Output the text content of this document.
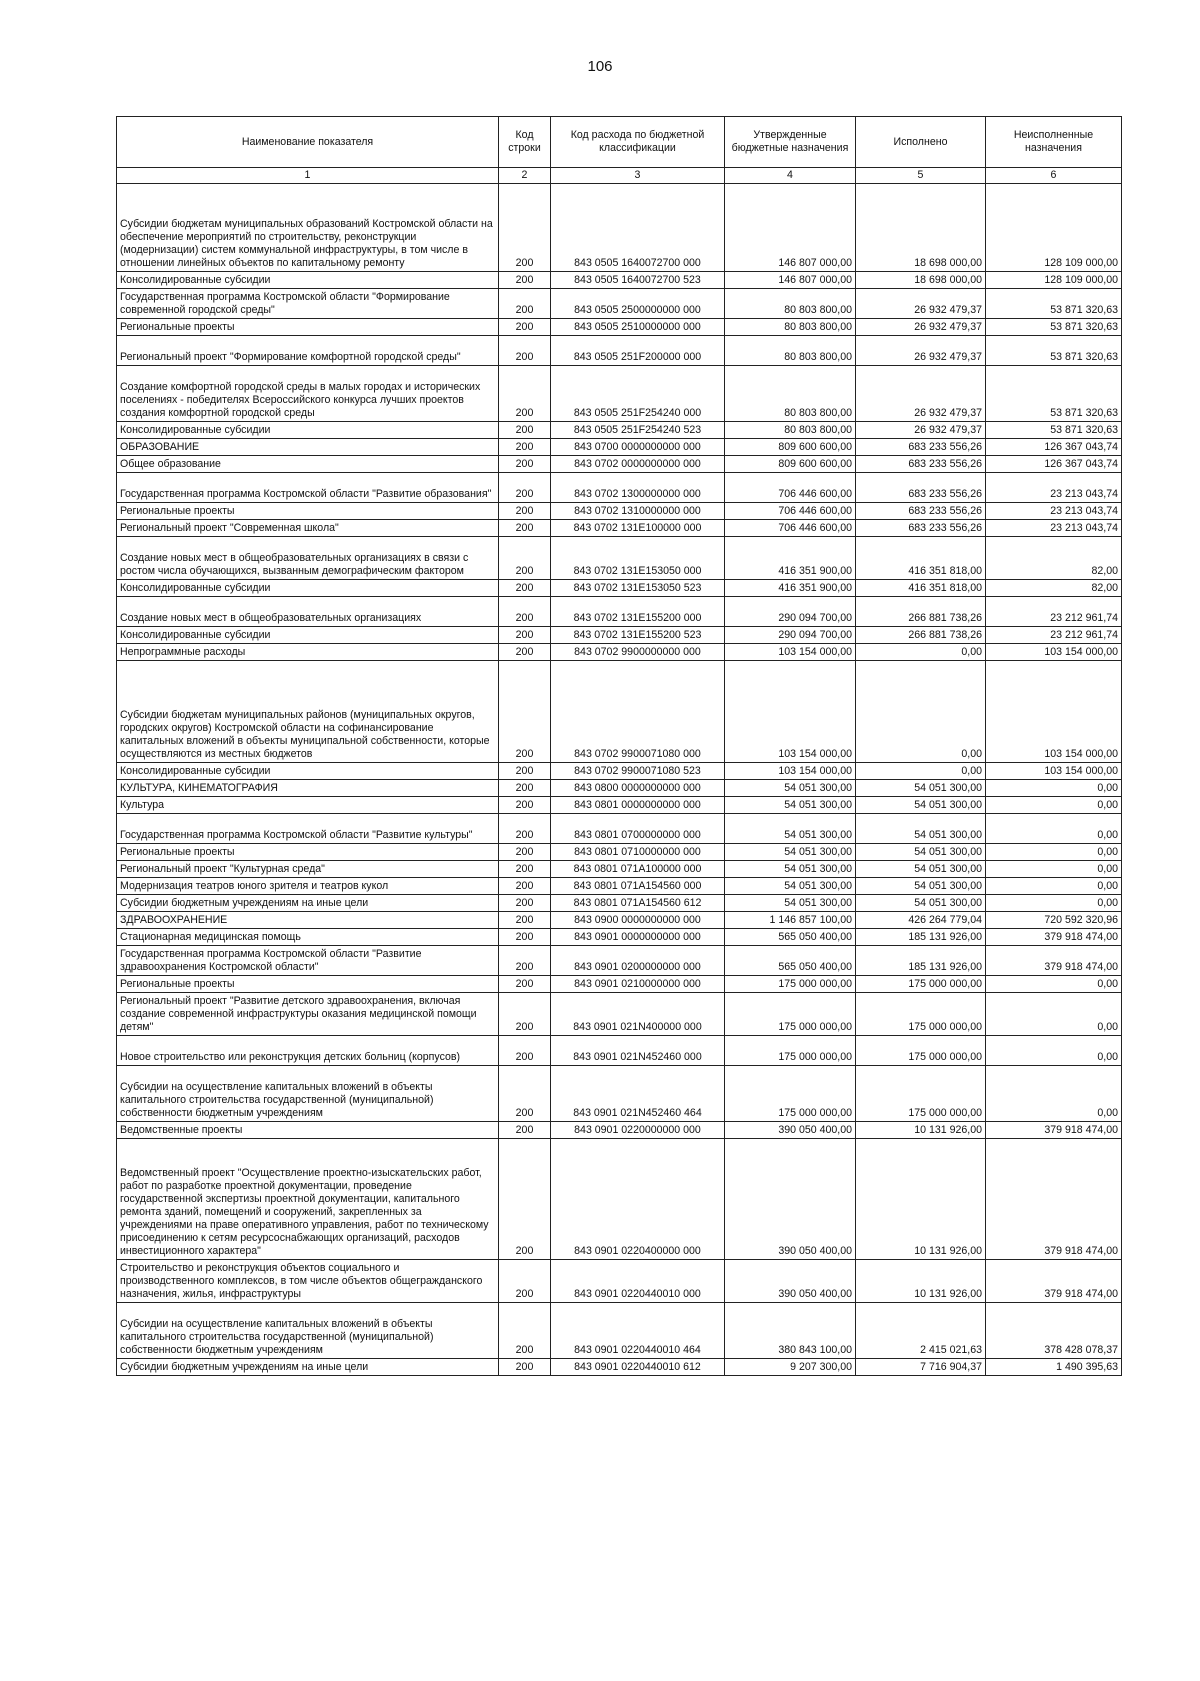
106
Наименование показателя	Код строки	Код расхода по бюджетной классификации	Утвержденные бюджетные назначения	Исполнено	Неисполненные назначения
1	2	3	4	5	6
Субсидии бюджетам муниципальных образований Костромской области на обеспечение мероприятий по строительству, реконструкции (модернизации) систем коммунальной инфраструктуры, в том числе в отношении линейных объектов по капитальному ремонту	200	843 0505 1640072700 000	146 807 000,00	18 698 000,00	128 109 000,00
Консолидированные субсидии	200	843 0505 1640072700 523	146 807 000,00	18 698 000,00	128 109 000,00
Государственная программа Костромской области "Формирование современной городской среды"	200	843 0505 2500000000 000	80 803 800,00	26 932 479,37	53 871 320,63
Региональные проекты	200	843 0505 2510000000 000	80 803 800,00	26 932 479,37	53 871 320,63
Региональный проект "Формирование комфортной городской среды"	200	843 0505 251F200000 000	80 803 800,00	26 932 479,37	53 871 320,63
Создание комфортной городской среды в малых городах и исторических поселениях - победителях Всероссийского конкурса лучших проектов создания комфортной городской среды	200	843 0505 251F254240 000	80 803 800,00	26 932 479,37	53 871 320,63
Консолидированные субсидии	200	843 0505 251F254240 523	80 803 800,00	26 932 479,37	53 871 320,63
ОБРАЗОВАНИЕ	200	843 0700 0000000000 000	809 600 600,00	683 233 556,26	126 367 043,74
Общее образование	200	843 0702 0000000000 000	809 600 600,00	683 233 556,26	126 367 043,74
Государственная программа Костромской области "Развитие образования"	200	843 0702 1300000000 000	706 446 600,00	683 233 556,26	23 213 043,74
Региональные проекты	200	843 0702 1310000000 000	706 446 600,00	683 233 556,26	23 213 043,74
Региональный проект "Современная школа"	200	843 0702 131E100000 000	706 446 600,00	683 233 556,26	23 213 043,74
Создание новых мест в общеобразовательных организациях в связи с ростом числа обучающихся, вызванным демографическим фактором	200	843 0702 131E153050 000	416 351 900,00	416 351 818,00	82,00
Консолидированные субсидии	200	843 0702 131E153050 523	416 351 900,00	416 351 818,00	82,00
Создание новых мест в общеобразовательных организациях	200	843 0702 131E155200 000	290 094 700,00	266 881 738,26	23 212 961,74
Консолидированные субсидии	200	843 0702 131E155200 523	290 094 700,00	266 881 738,26	23 212 961,74
Непрограммные расходы	200	843 0702 9900000000 000	103 154 000,00	0,00	103 154 000,00
Субсидии бюджетам муниципальных районов (муниципальных округов, городских округов) Костромской области на софинансирование капитальных вложений в объекты муниципальной собственности, которые осуществляются из местных бюджетов	200	843 0702 9900071080 000	103 154 000,00	0,00	103 154 000,00
Консолидированные субсидии	200	843 0702 9900071080 523	103 154 000,00	0,00	103 154 000,00
КУЛЬТУРА, КИНЕМАТОГРАФИЯ	200	843 0800 0000000000 000	54 051 300,00	54 051 300,00	0,00
Культура	200	843 0801 0000000000 000	54 051 300,00	54 051 300,00	0,00
Государственная программа Костромской области "Развитие культуры"	200	843 0801 0700000000 000	54 051 300,00	54 051 300,00	0,00
Региональные проекты	200	843 0801 0710000000 000	54 051 300,00	54 051 300,00	0,00
Региональный проект "Культурная среда"	200	843 0801 071A100000 000	54 051 300,00	54 051 300,00	0,00
Модернизация театров юного зрителя и театров кукол	200	843 0801 071A154560 000	54 051 300,00	54 051 300,00	0,00
Субсидии бюджетным учреждениям на иные цели	200	843 0801 071A154560 612	54 051 300,00	54 051 300,00	0,00
ЗДРАВООХРАНЕНИЕ	200	843 0900 0000000000 000	1 146 857 100,00	426 264 779,04	720 592 320,96
Стационарная медицинская помощь	200	843 0901 0000000000 000	565 050 400,00	185 131 926,00	379 918 474,00
Государственная программа Костромской области "Развитие здравоохранения Костромской области"	200	843 0901 0200000000 000	565 050 400,00	185 131 926,00	379 918 474,00
Региональные проекты	200	843 0901 0210000000 000	175 000 000,00	175 000 000,00	0,00
Региональный проект "Развитие детского здравоохранения, включая создание современной инфраструктуры оказания медицинской помощи детям"	200	843 0901 021N400000 000	175 000 000,00	175 000 000,00	0,00
Новое строительство или реконструкция детских больниц (корпусов)	200	843 0901 021N452460 000	175 000 000,00	175 000 000,00	0,00
Субсидии на осуществление капитальных вложений в объекты капитального строительства государственной (муниципальной) собственности бюджетным учреждениям	200	843 0901 021N452460 464	175 000 000,00	175 000 000,00	0,00
Ведомственные проекты	200	843 0901 0220000000 000	390 050 400,00	10 131 926,00	379 918 474,00
Ведомственный проект "Осуществление проектно-изыскательских работ, работ по разработке проектной документации, проведение государственной экспертизы проектной документации, капитального ремонта зданий, помещений и сооружений, закрепленных за учреждениями на праве оперативного управления, работ по техническому присоединению к сетям ресурсоснабжающих организаций, расходов инвестиционного характера"	200	843 0901 0220400000 000	390 050 400,00	10 131 926,00	379 918 474,00
Строительство и реконструкция объектов социального и производственного комплексов, в том числе объектов общегражданского назначения, жилья, инфраструктуры	200	843 0901 0220440010 000	390 050 400,00	10 131 926,00	379 918 474,00
Субсидии на осуществление капитальных вложений в объекты капитального строительства государственной (муниципальной) собственности бюджетным учреждениям	200	843 0901 0220440010 464	380 843 100,00	2 415 021,63	378 428 078,37
Субсидии бюджетным учреждениям на иные цели	200	843 0901 0220440010 612	9 207 300,00	7 716 904,37	1 490 395,63
